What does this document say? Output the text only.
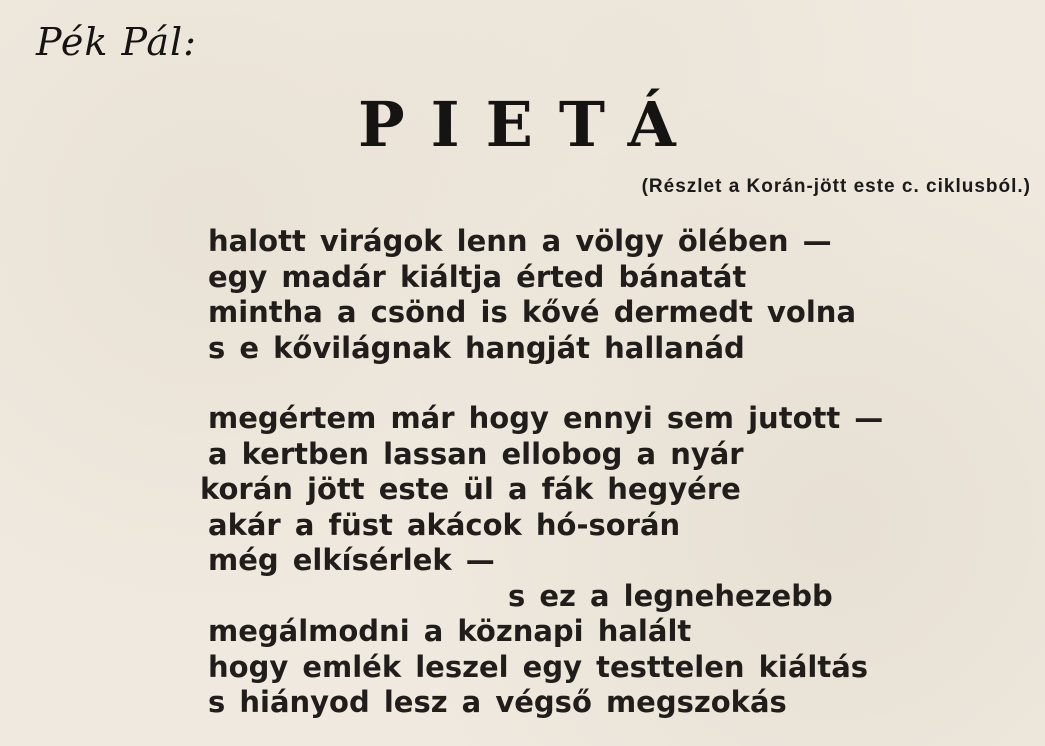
Pék Pál:
PIETÁ
(Részlet a Korán-jött este c. ciklusból.)
halott virágok lenn a völgy ölében —
egy madár kiáltja érted bánatát
mintha a csönd is kővé dermedt volna
s e kővilágnak hangját hallanád
megértem már hogy ennyi sem jutott —
a kertben lassan ellobog a nyár
korán jött este ül a fák hegyére
akár a füst akácok hó-során
még elkísérlek —
s ez a legnehezebb
megálmodni a köznapi halált
hogy emlék leszel egy testtelen kiáltás
s hiányod lesz a végső megszokás
